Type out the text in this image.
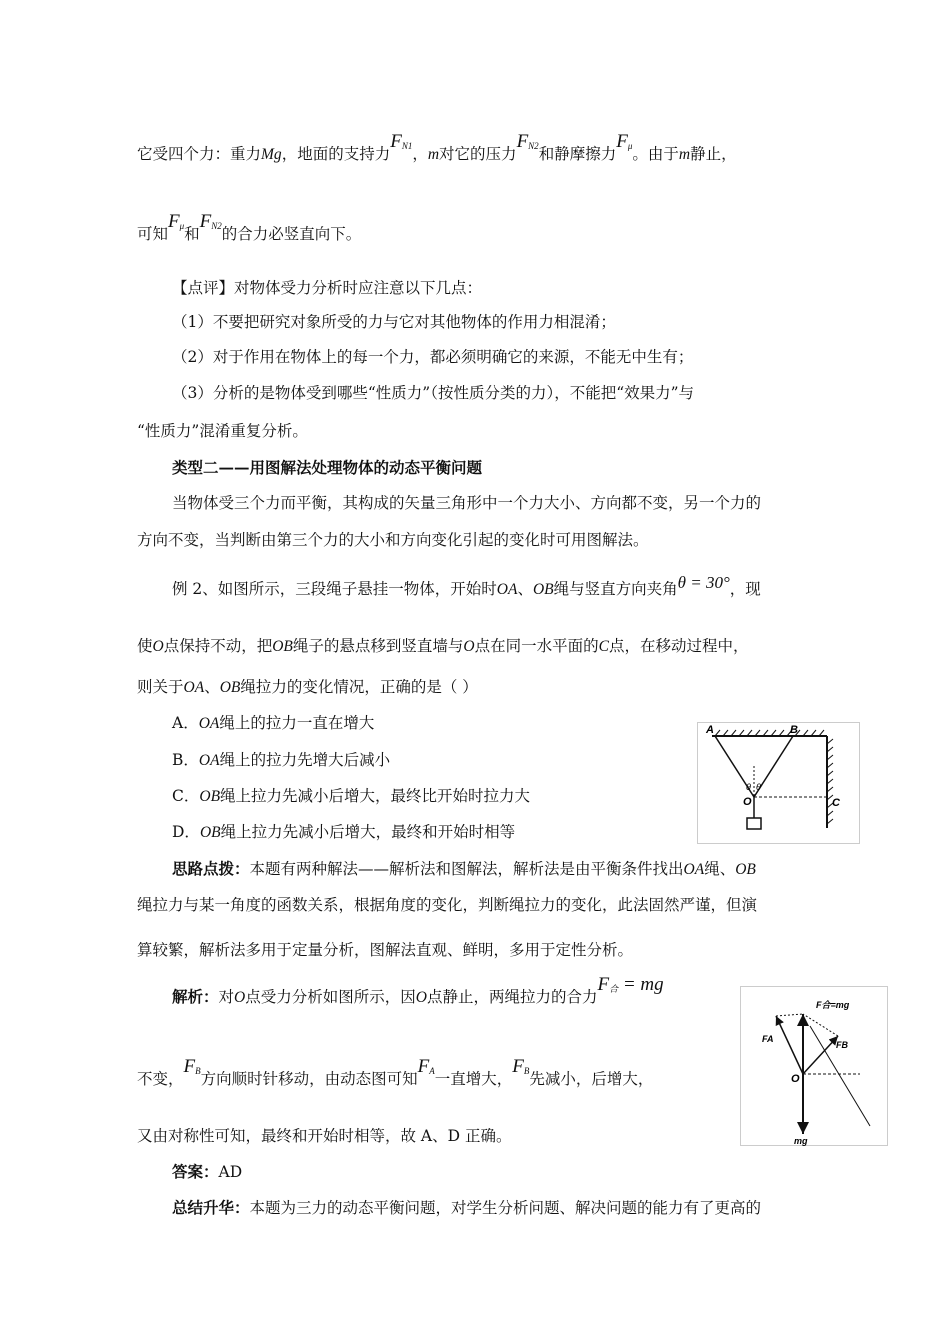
它受四个力：重力Mg，地面的支持力$F_{N1}$，m对它的压力$F_{N2}$和静摩擦力$F_\mu$。由于m静止，
可知$F_\mu$和$F_{N2}$的合力必竖直向下。
【点评】对物体受力分析时应注意以下几点：
（1）不要把研究对象所受的力与它对其他物体的作用力相混淆；
（2）对于作用在物体上的每一个力，都必须明确它的来源，不能无中生有；
（3）分析的是物体受到哪些“性质力”（按性质分类的力），不能把“效果力”与
“性质力”混淆重复分析。
类型二——用图解法处理物体的动态平衡问题
当物体受三个力而平衡，其构成的矢量三角形中一个力大小、方向都不变，另一个力的
方向不变，当判断由第三个力的大小和方向变化引起的变化时可用图解法。
例 2、如图所示，三段绳子悬挂一物体，开始时OA、OB绳与竖直方向夹角θ = 30°，现
使O点保持不动，把OB绳子的悬点移到竖直墙与O点在同一水平面的C点，在移动过程中，
则关于OA、OB绳拉力的变化情况，正确的是（ ）
A．OA绳上的拉力一直在增大
B．OA绳上的拉力先增大后减小
C．OB绳上拉力先减小后增大，最终比开始时拉力大
D．OB绳上拉力先减小后增大，最终和开始时相等
A	B
C
O
θ θ
思路点拨：本题有两种解法——解析法和图解法，解析法是由平衡条件找出OA绳、OB
绳拉力与某一角度的函数关系，根据角度的变化，判断绳拉力的变化，此法固然严谨，但演
算较繁，解析法多用于定量分析，图解法直观、鲜明，多用于定性分析。
解析：对O点受力分析如图所示，因O点静止，两绳拉力的合力$F_合$ = mg
不变，$F_B$方向顺时针移动，由动态图可知$F_A$一直增大，$F_B$先减小，后增大，
又由对称性可知，最终和开始时相等，故 A、D 正确。
F合=mg
FA
FB
O
mg
答案：AD
总结升华：本题为三力的动态平衡问题，对学生分析问题、解决问题的能力有了更高的
